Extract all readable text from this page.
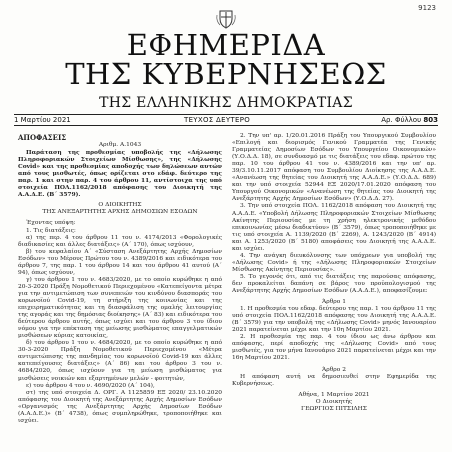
9123
ΕΦΗΜΕΡΙΔΑ
ΤΗΣ ΚΥΒΕΡΝΗΣΕΩΣ
ΤΗΣ ΕΛΛΗΝΙΚΗΣ ΔΗΜΟΚΡΑΤΙΑΣ
1 Μαρτίου 2021	ΤΕΥΧΟΣ ΔΕΥΤΕΡΟ	Αρ. Φύλλου 803

ΑΠΟΦΑΣΕΙΣ

Αριθμ. Α.1043

Παράταση της προθεσμίας υποβολής της «Δήλωσης Πληροφοριακών Στοιχείων Μίσθωσης», της «Δήλωσης Covid» και της προθεσμίας αποδοχής των δηλώσεων αυτών από τους μισθωτές, όπως ορίζεται στο εδάφ. δεύτερο της παρ. 1 και στην παρ. 4 του άρθρου 11, αντίστοιχα της υπό στοιχεία ΠΟΛ.1162/2018 απόφασης του Διοικητή της Α.Α.Δ.Ε. (Β΄ 3579).

Ο ΔΙΟΙΚΗΤΗΣ

ΤΗΣ ΑΝΕΞΑΡΤΗΤΗΣ ΑΡΧΗΣ ΔΗΜΟΣΙΩΝ ΕΣΟΔΩΝ

Έχοντας υπόψη:

1. Τις διατάξεις:

α) της περ. 4 του άρθρου 11 του ν. 4174/2013 «Φορολογικές διαδικασίες και άλλες διατάξεις» (Α΄ 170), όπως ισχύουν,

β) του κεφαλαίου Α΄ «Σύσταση Ανεξάρτητης Αρχής Δημοσίων Εσόδων» του Μέρους Πρώτου του ν. 4389/2016 και ειδικότερα του άρθρου 7, της παρ. 1 του άρθρου 14 και του άρθρου 41 αυτού (Α΄ 94), όπως ισχύουν,

γ) του άρθρου 1 του ν. 4683/2020, με το οποίο κυρώθηκε η από 20-3-2020 Πράξη Νομοθετικού Περιεχομένου «Κατεπείγοντα μέτρα για την αντιμετώπιση των συνεπειών του κινδύνου διασποράς του κορωνοϊού Covid-19, τη στήριξη της κοινωνίας και της επιχειρηματικότητας και τη διασφάλιση της ομαλής λειτουργίας της αγοράς και της δημόσιας διοίκησης» (Α΄ 83) και ειδικότερα του δεύτερου άρθρου αυτής, όπως ισχύει και του άρθρου 3 του ίδιου νόμου για την επέκταση της μείωσης μισθώματος επαγγελματικών μισθώσεων κύριας κατοικίας,

δ) του άρθρου 1 του ν. 4684/2020, με το οποίο κυρώθηκε η από 30-3-2020 Πράξη Νομοθετικού Περιεχομένου «Μέτρα αντιμετώπισης της πανδημίας του κορωνοϊού Covid-19 και άλλες κατεπείγουσες διατάξεις» (Α΄ 86) και του άρθρου 3 του ν. 4684/2020, όπως ισχύουν για τη μείωση μισθώματος για μισθώσεις νοικιών και εξαρτημένων μελών - φοιτητών,

ε) του άρθρου 4 του ν. 4690/2020 (Α΄ 104),

στ) της υπό στοιχεία Δ. ΟΡΓ. Α 1125859 ΕΞ 2020/ 23.10.2020 απόφασης του Διοικητή της Ανεξάρτητης Αρχής Δημοσίων Εσόδων «Οργανισμός της Ανεξάρτητης Αρχής Δημοσίων Εσόδων (Α.Α.Δ.Ε.)» (Β΄ 4738), όπως συμπληρώθηκε, τροποποιήθηκε και ισχύει.

2. Την υπ' αρ. 1/20.01.2016 Πράξη του Υπουργικού Συμβουλίου «Επιλογή και διορισμός Γενικού Γραμματέα της Γενικής Γραμματείας Δημοσίων Εσόδων του Υπουργείου Οικονομικών» (Υ.Ο.Δ.Δ. 18), σε συνδυασμό με τις διατάξεις του εδαφ. πρώτου της παρ. 10 του άρθρου 41 του ν. 4389/2016 και την υπ' αρ. 39/3.10.11.2017 απόφαση του Συμβουλίου Διοίκησης της Α.Α.Δ.Ε. «Ανανέωση της θητείας του Διοικητή της Α.Α.Δ.Ε.» (Υ.Ο.Δ.Δ. 689) και την υπό στοιχεία 52944 ΕΞ 2020/17.01.2020 απόφαση του Υπουργού Οικονομικών «Ανανέωση της θητείας του Διοικητή της Ανεξάρτητης Αρχής Δημοσίων Εσόδων» (Υ.Ο.Δ.Δ. 27).

3. Την υπό στοιχεία ΠΟΛ. 1162/2018 απόφαση του Διοικητή της Α.Α.Δ.Ε. «Υποβολή Δήλωσης Πληροφοριακών Στοιχείων Μίσθωσης Ακίνητης Περιουσίας με τη χρήση ηλεκτρονικής μεθόδου επικοινωνίας μέσω διαδικτύου» (Β΄ 3579), όπως τροποποιήθηκε με τις υπό στοιχεία Α. 1139/2020 (Β΄ 2269), Α. 1243/2020 (Β΄ 4914) και Α. 1253/2020 (Β΄ 5180) αποφάσεις του Διοικητή της Α.Α.Δ.Ε. και ισχύει.

4. Την ανάγκη διευκόλυνσης των υπόχρεων για υποβολή της «Δήλωσης Covid» ή της «Δήλωσης Πληροφοριακών Στοιχείων Μίσθωσης Ακίνητης Περιουσίας».

5. Το γεγονός ότι, από τις διατάξεις της παρούσας απόφασης, δεν προκαλείται δαπάνη σε βάρος του προϋπολογισμού της Ανεξάρτητης Αρχής Δημοσίων Εσόδων (Α.Α.Δ.Ε.), αποφασίζουμε:

Άρθρο 1

1. Η προθεσμία του εδαφ. δεύτερου της παρ. 1 του άρθρου 11 της υπό στοιχεία ΠΟΛ.1162/2018 απόφασης του Διοικητή της Α.Α.Δ.Ε. (Β΄ 3579) για την υποβολή της «Δήλωσης Covid» μηνός Ιανουαρίου 2021 παρατείνεται μέχρι και την 10η Μαρτίου 2021.

2. Η προθεσμία της παρ. 4 του ίδιου ως άνω άρθρου και απόφασης, περί αποδοχής της «Δήλωσης Covid» από τους μισθωτές, για τον μήνα Ιανουάριο 2021 παρατείνεται μέχρι και την 16η Μαρτίου 2021.

Άρθρο 2

Η απόφαση αυτή να δημοσιευθεί στην Εφημερίδα της Κυβερνήσεως.

Αθήνα, 1 Μαρτίου 2021

Ο Διοικητής

ΓΕΩΡΓΙΟΣ ΠΙΤΣΙΛΗΣ
